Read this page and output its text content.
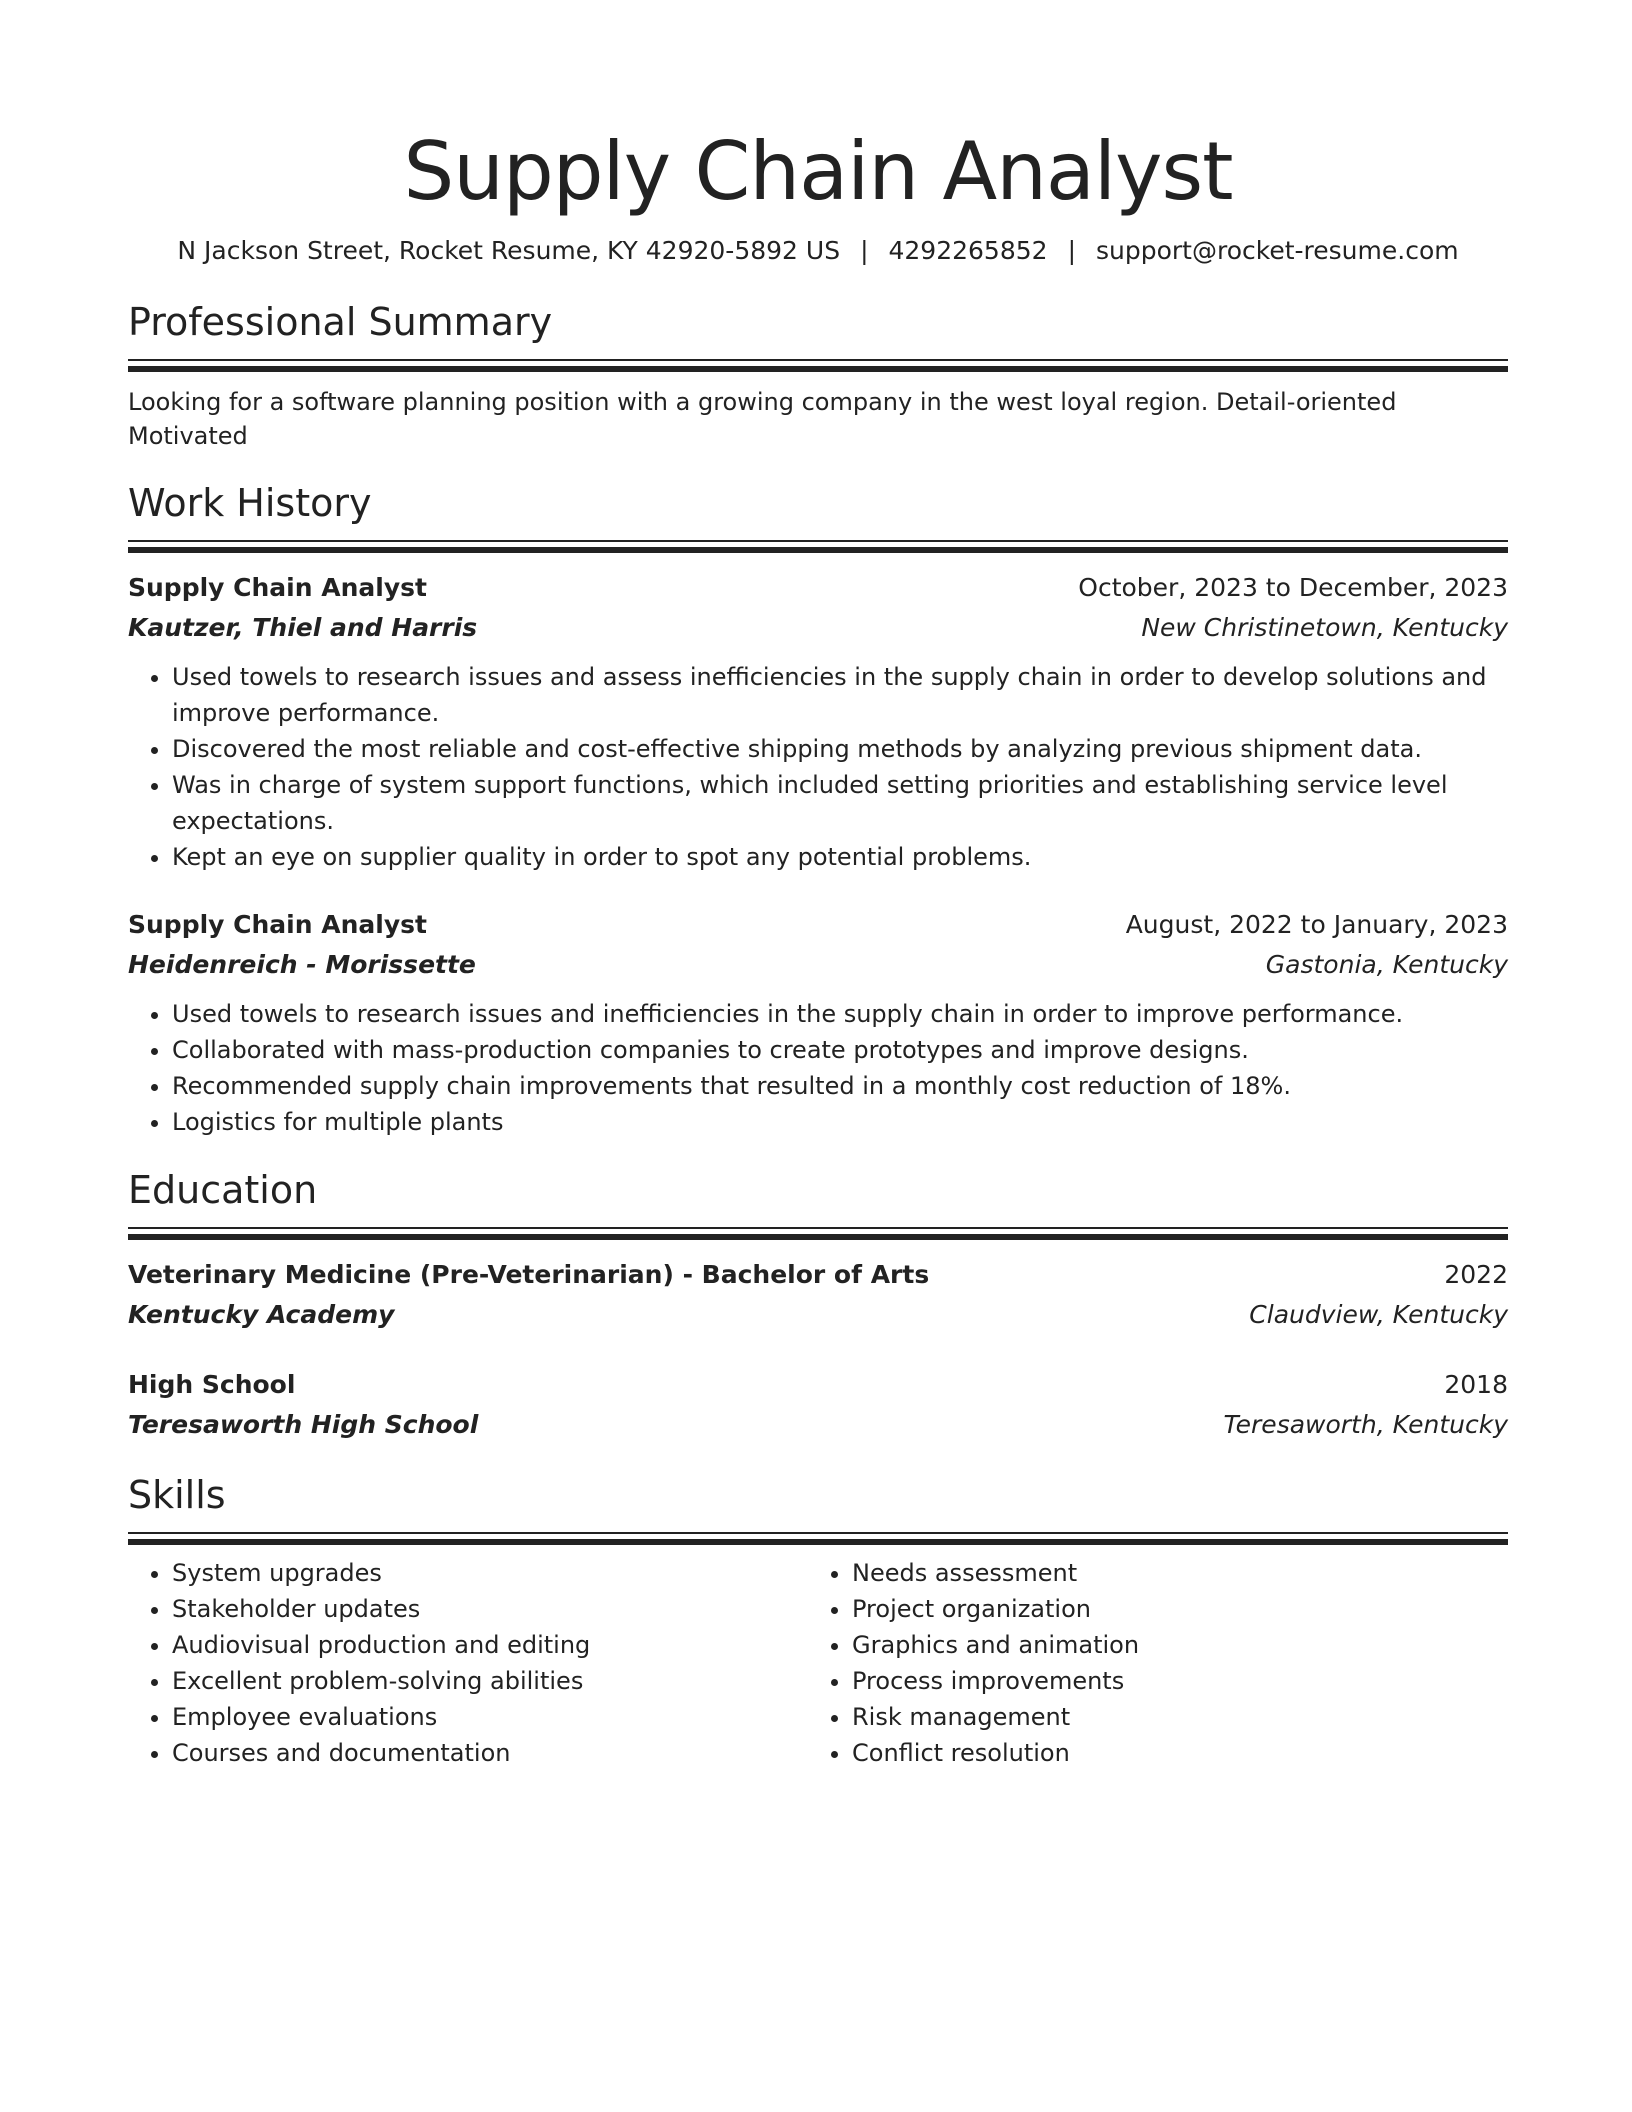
Supply Chain Analyst
N Jackson Street, Rocket Resume, KY 42920-5892 US | 4292265852 | support@rocket-resume.com
Professional Summary
Looking for a software planning position with a growing company in the west loyal region. Detail-oriented Motivated
Work History
Supply Chain Analyst	October, 2023 to December, 2023
Kautzer, Thiel and Harris	New Christinetown, Kentucky
• Used towels to research issues and assess inefficiencies in the supply chain in order to develop solutions and improve performance.
• Discovered the most reliable and cost-effective shipping methods by analyzing previous shipment data.
• Was in charge of system support functions, which included setting priorities and establishing service level expectations.
• Kept an eye on supplier quality in order to spot any potential problems.
Supply Chain Analyst	August, 2022 to January, 2023
Heidenreich - Morissette	Gastonia, Kentucky
• Used towels to research issues and inefficiencies in the supply chain in order to improve performance.
• Collaborated with mass-production companies to create prototypes and improve designs.
• Recommended supply chain improvements that resulted in a monthly cost reduction of 18%.
• Logistics for multiple plants
Education
Veterinary Medicine (Pre-Veterinarian) - Bachelor of Arts	2022
Kentucky Academy	Claudview, Kentucky
High School	2018
Teresaworth High School	Teresaworth, Kentucky
Skills
• System upgrades
• Stakeholder updates
• Audiovisual production and editing
• Excellent problem-solving abilities
• Employee evaluations
• Courses and documentation
• Needs assessment
• Project organization
• Graphics and animation
• Process improvements
• Risk management
• Conflict resolution
